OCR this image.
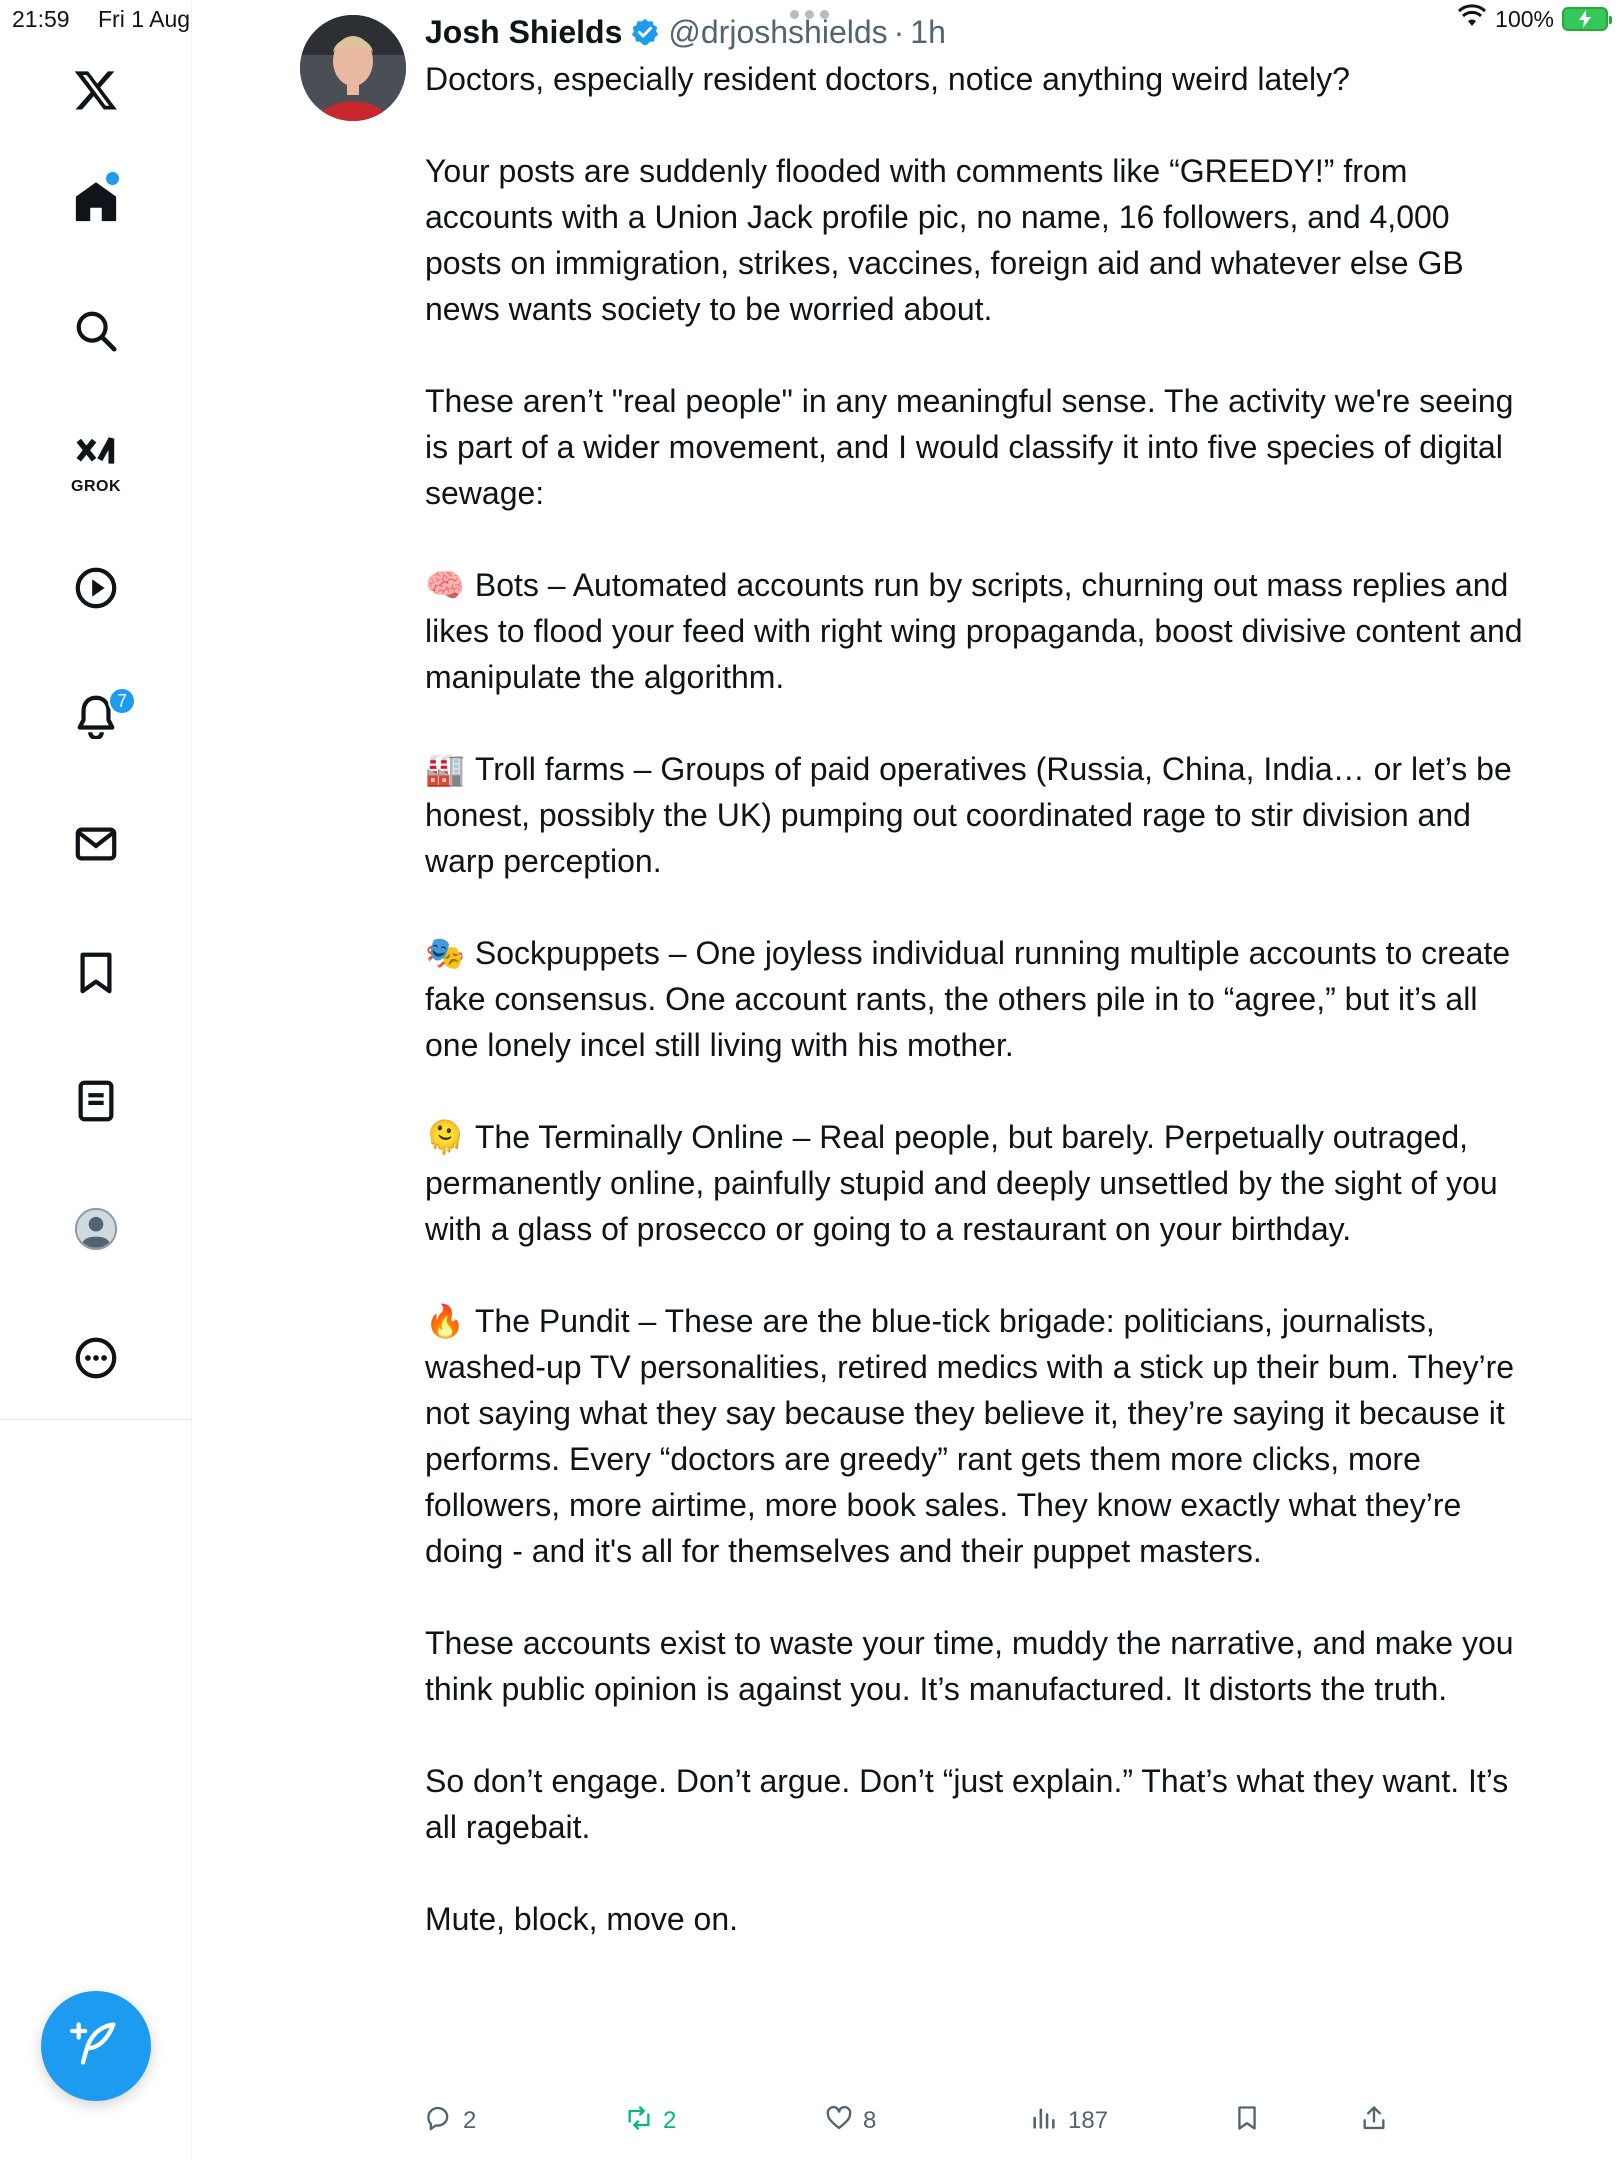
21:59 Fri 1 Aug	100%
GROK
7
Josh Shields @drjoshshields · 1h

Doctors, especially resident doctors, notice anything weird lately?

Your posts are suddenly flooded with comments like “GREEDY!” from accounts with a Union Jack profile pic, no name, 16 followers, and 4,000 posts on immigration, strikes, vaccines, foreign aid and whatever else GB news wants society to be worried about.

These aren’t "real people" in any meaningful sense. The activity we're seeing is part of a wider movement, and I would classify it into five species of digital sewage:

🧠 Bots – Automated accounts run by scripts, churning out mass replies and likes to flood your feed with right wing propaganda, boost divisive content and manipulate the algorithm.

🏭 Troll farms – Groups of paid operatives (Russia, China, India… or let’s be honest, possibly the UK) pumping out coordinated rage to stir division and warp perception.

🎭 Sockpuppets – One joyless individual running multiple accounts to create fake consensus. One account rants, the others pile in to “agree,” but it’s all one lonely incel still living with his mother.

🫠 The Terminally Online – Real people, but barely. Perpetually outraged, permanently online, painfully stupid and deeply unsettled by the sight of you with a glass of prosecco or going to a restaurant on your birthday.

🔥 The Pundit – These are the blue-tick brigade: politicians, journalists, washed-up TV personalities, retired medics with a stick up their bum. They’re not saying what they say because they believe it, they’re saying it because it performs. Every “doctors are greedy” rant gets them more clicks, more followers, more airtime, more book sales. They know exactly what they’re doing - and it's all for themselves and their puppet masters.

These accounts exist to waste your time, muddy the narrative, and make you think public opinion is against you. It’s manufactured. It distorts the truth.

So don’t engage. Don’t argue. Don’t “just explain.” That’s what they want. It’s all ragebait.

Mute, block, move on.

2	2	8	187
